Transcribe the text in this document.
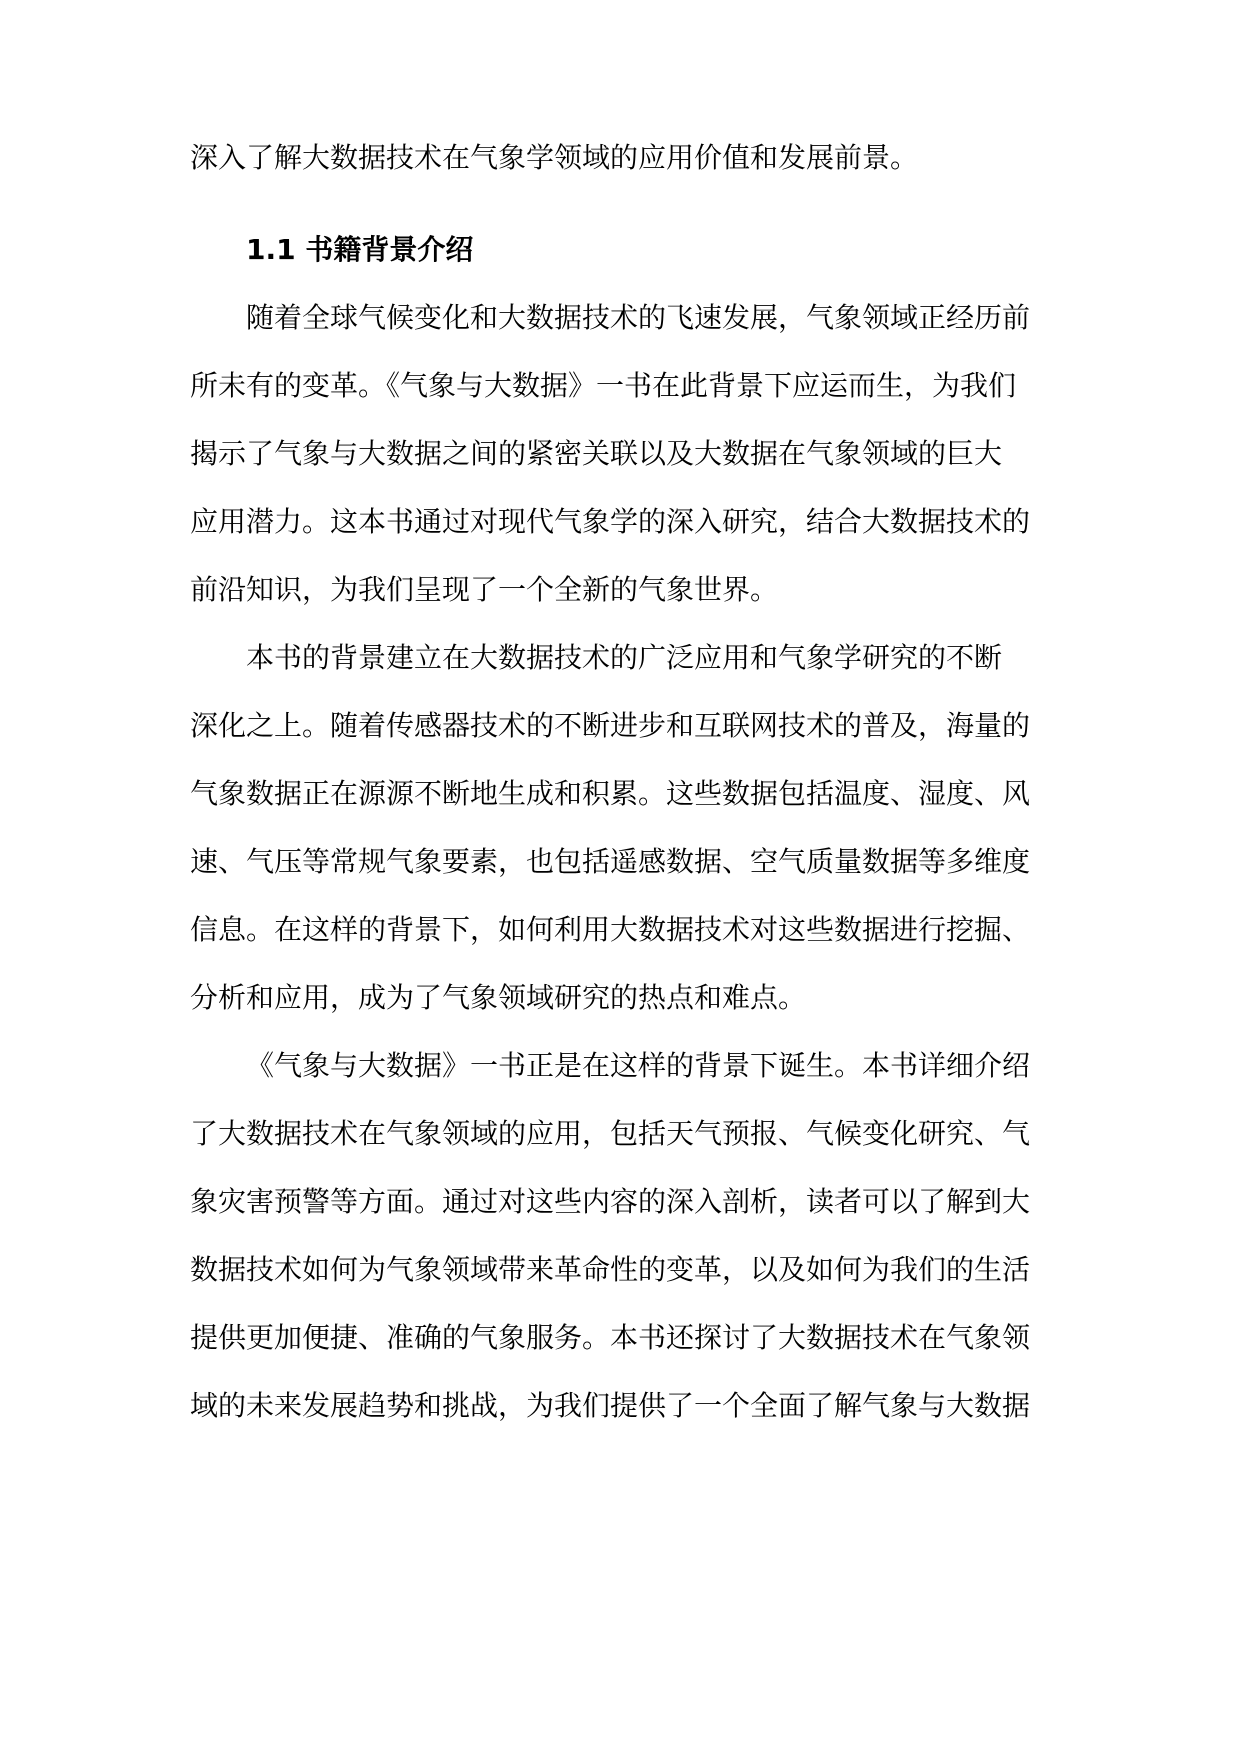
深入了解大数据技术在气象学领域的应用价值和发展前景。
1.1 书籍背景介绍
随着全球气候变化和大数据技术的飞速发展，气象领域正经历前
所未有的变革。《气象与大数据》一书在此背景下应运而生，为我们
揭示了气象与大数据之间的紧密关联以及大数据在气象领域的巨大
应用潜力。这本书通过对现代气象学的深入研究，结合大数据技术的
前沿知识，为我们呈现了一个全新的气象世界。
本书的背景建立在大数据技术的广泛应用和气象学研究的不断
深化之上。随着传感器技术的不断进步和互联网技术的普及，海量的
气象数据正在源源不断地生成和积累。这些数据包括温度、湿度、风
速、气压等常规气象要素，也包括遥感数据、空气质量数据等多维度
信息。在这样的背景下，如何利用大数据技术对这些数据进行挖掘、
分析和应用，成为了气象领域研究的热点和难点。
《气象与大数据》一书正是在这样的背景下诞生。本书详细介绍
了大数据技术在气象领域的应用，包括天气预报、气候变化研究、气
象灾害预警等方面。通过对这些内容的深入剖析，读者可以了解到大
数据技术如何为气象领域带来革命性的变革，以及如何为我们的生活
提供更加便捷、准确的气象服务。本书还探讨了大数据技术在气象领
域的未来发展趋势和挑战，为我们提供了一个全面了解气象与大数据
